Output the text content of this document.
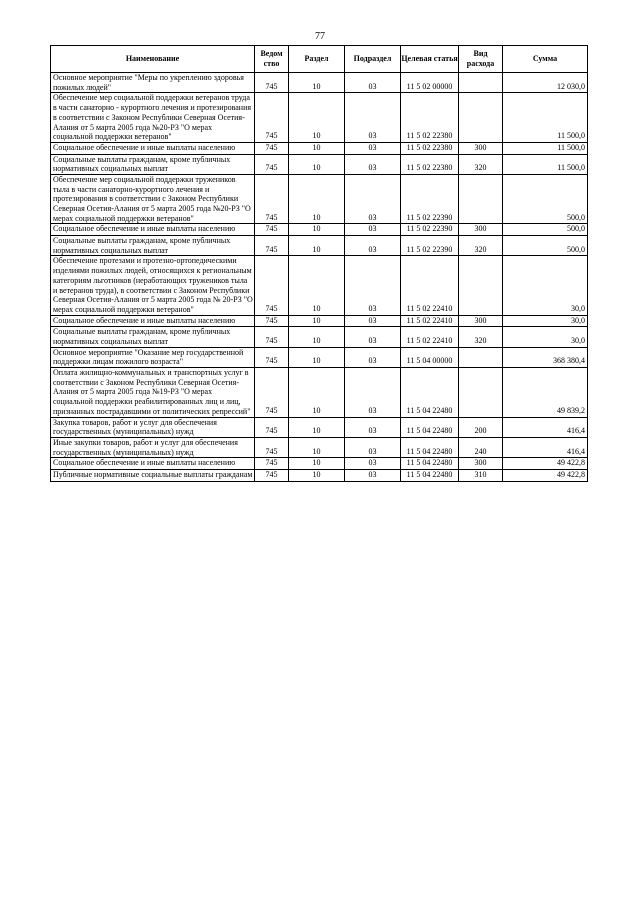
77
Наименование	Ведом ство	Раздел	Подраздел	Целевая статья	Вид расхода	Сумма
Основное мероприятие "Меры по укреплению здоровья пожилых людей"	745	10	03	11 5 02 00000		12 030,0
Обеспечение мер социальной поддержки ветеранов труда в части санаторно - курортного лечения и протезирования в соответствии с Законом Республики Северная Осетия-Алания от 5 марта 2005 года №20-РЗ "О мерах социальной поддержки ветеранов"	745	10	03	11 5 02 22380		11 500,0
Социальное обеспечение и иные выплаты населению	745	10	03	11 5 02 22380	300	11 500,0
Социальные выплаты гражданам, кроме публичных нормативных социальных выплат	745	10	03	11 5 02 22380	320	11 500,0
Обеспечение мер социальной поддержки тружеников тыла в части санаторно-курортного лечения и протезирования в соответствии с Законом Республики Северная Осетия-Алания от 5 марта 2005 года №20-РЗ "О мерах социальной поддержки ветеранов"	745	10	03	11 5 02 22390		500,0
Социальное обеспечение и иные выплаты населению	745	10	03	11 5 02 22390	300	500,0
Социальные выплаты гражданам, кроме публичных нормативных социальных выплат	745	10	03	11 5 02 22390	320	500,0
Обеспечение протезами и протезно-ортопедическими изделиями пожилых людей, относящихся к региональным категориям льготников (неработающих тружеников тыла и ветеранов труда), в соответствии с Законом Республики Северная Осетия-Алания от 5 марта 2005 года № 20-РЗ "О мерах социальной поддержки ветеранов"	745	10	03	11 5 02 22410		30,0
Социальное обеспечение и иные выплаты населению	745	10	03	11 5 02 22410	300	30,0
Социальные выплаты гражданам, кроме публичных нормативных социальных выплат	745	10	03	11 5 02 22410	320	30,0
Основное мероприятие "Оказание мер государственной поддержки лицам пожилого возраста"	745	10	03	11 5 04 00000		368 380,4
Оплата жилищно-коммунальных и транспортных услуг в соответствии с Законом Республики Северная Осетия-Алания от 5 марта 2005 года №19-РЗ "О мерах социальной поддержки реабилитированных лиц и лиц, признанных пострадавшими от политических репрессий"	745	10	03	11 5 04 22480		49 839,2
Закупка товаров, работ и услуг для обеспечения государственных (муниципальных) нужд	745	10	03	11 5 04 22480	200	416,4
Иные закупки товаров, работ и услуг для обеспечения государственных (муниципальных) нужд	745	10	03	11 5 04 22480	240	416,4
Социальное обеспечение и иные выплаты населению	745	10	03	11 5 04 22480	300	49 422,8
Публичные нормативные социальные выплаты гражданам	745	10	03	11 5 04 22480	310	49 422,8
